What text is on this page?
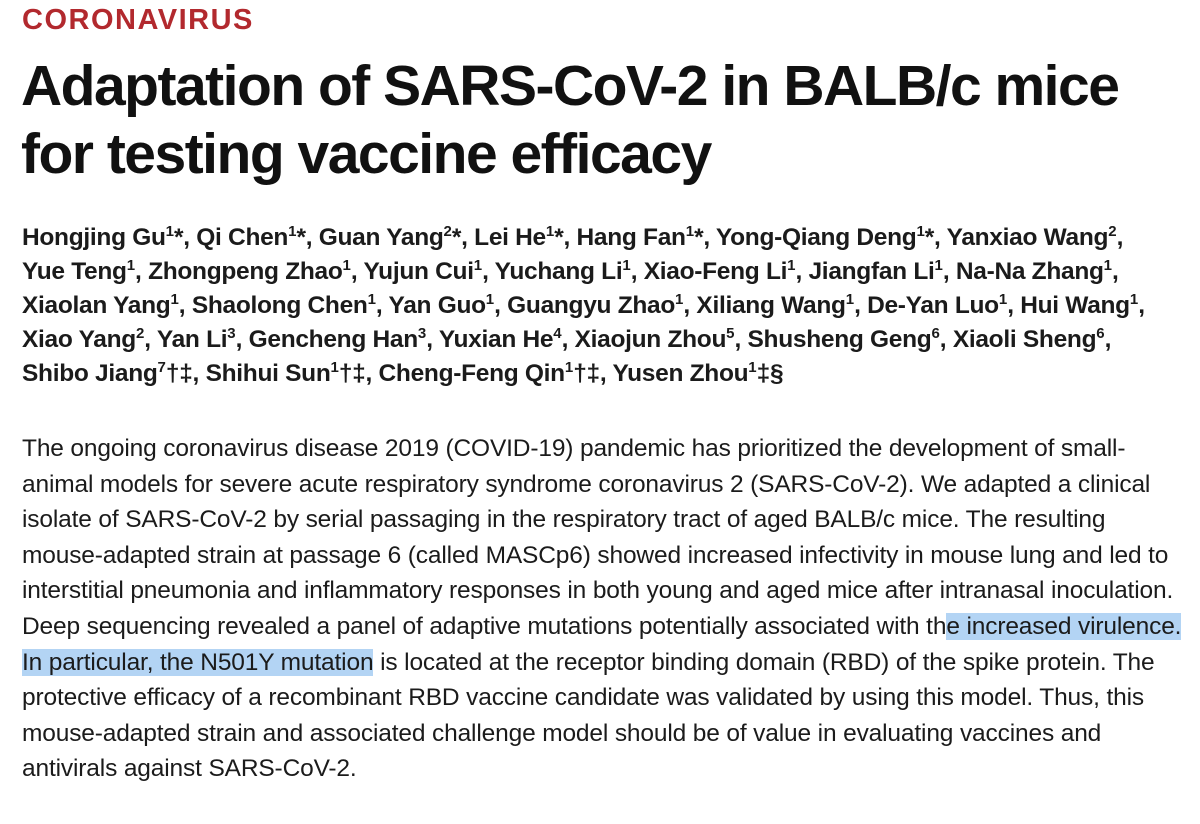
CORONAVIRUS
Adaptation of SARS-CoV-2 in BALB/c mice for testing vaccine efficacy
Hongjing Gu$^1$*, Qi Chen$^1$*, Guan Yang$^2$*, Lei He$^1$*, Hang Fan$^1$*, Yong-Qiang Deng$^1$*, Yanxiao Wang$^2$, Yue Teng$^1$, Zhongpeng Zhao$^1$, Yujun Cui$^1$, Yuchang Li$^1$, Xiao-Feng Li$^1$, Jiangfan Li$^1$, Na-Na Zhang$^1$, Xiaolan Yang$^1$, Shaolong Chen$^1$, Yan Guo$^1$, Guangyu Zhao$^1$, Xiliang Wang$^1$, De-Yan Luo$^1$, Hui Wang$^1$, Xiao Yang$^2$, Yan Li$^3$, Gencheng Han$^3$, Yuxian He$^4$, Xiaojun Zhou$^5$, Shusheng Geng$^6$, Xiaoli Sheng$^6$, Shibo Jiang$^7$†‡, Shihui Sun$^1$†‡, Cheng-Feng Qin$^1$†‡, Yusen Zhou$^1$‡§

The ongoing coronavirus disease 2019 (COVID-19) pandemic has prioritized the development of small-animal models for severe acute respiratory syndrome coronavirus 2 (SARS-CoV-2). We adapted a clinical isolate of SARS-CoV-2 by serial passaging in the respiratory tract of aged BALB/c mice. The resulting mouse-adapted strain at passage 6 (called MASCp6) showed increased infectivity in mouse lung and led to interstitial pneumonia and inflammatory responses in both young and aged mice after intranasal inoculation. Deep sequencing revealed a panel of adaptive mutations potentially associated with the increased virulence. In particular, the N501Y mutation is located at the receptor binding domain (RBD) of the spike protein. The protective efficacy of a recombinant RBD vaccine candidate was validated by using this model. Thus, this mouse-adapted strain and associated challenge model should be of value in evaluating vaccines and antivirals against SARS-CoV-2.
